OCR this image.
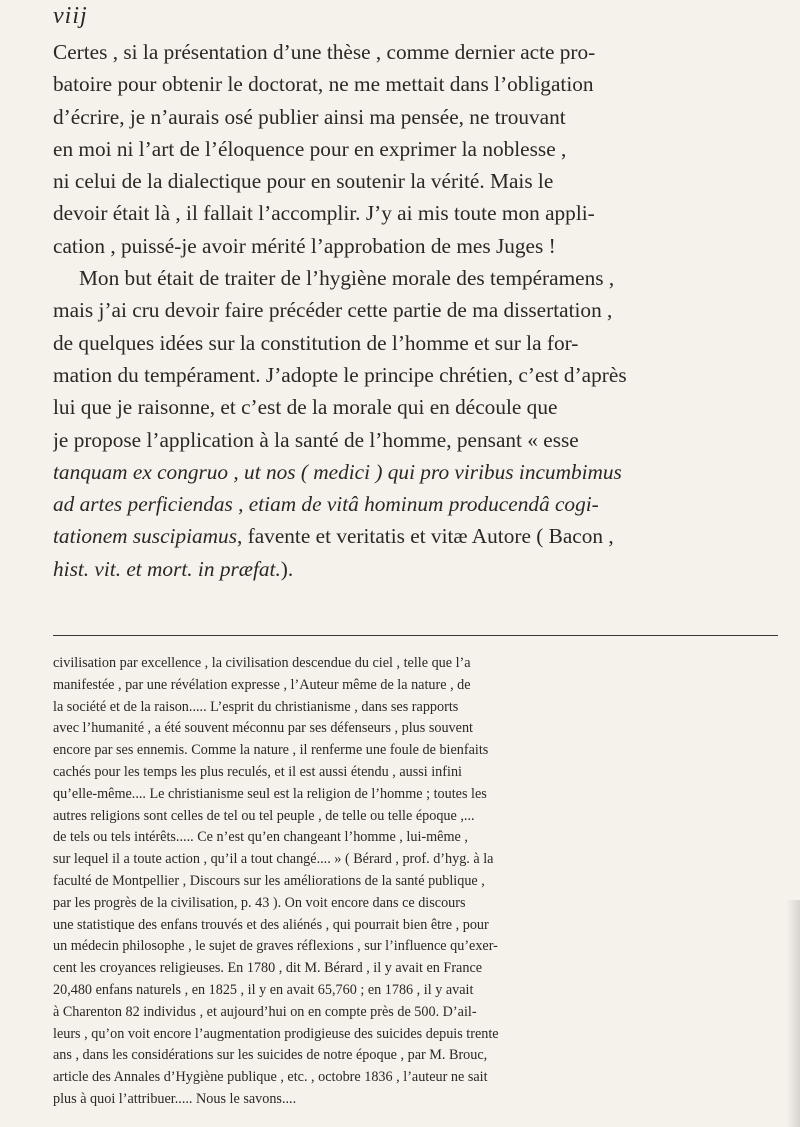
viij
Certes , si la présentation d’une thèse , comme dernier acte pro-
batoire pour obtenir le doctorat, ne me mettait dans l’obligation
d’écrire, je n’aurais osé publier ainsi ma pensée, ne trouvant
en moi ni l’art de l’éloquence pour en exprimer la noblesse ,
ni celui de la dialectique pour en soutenir la vérité. Mais le
devoir était là , il fallait l’accomplir. J’y ai mis toute mon appli-
cation , puissé-je avoir mérité l’approbation de mes Juges !
Mon but était de traiter de l’hygiène morale des tempéramens ,
mais j’ai cru devoir faire précéder cette partie de ma dissertation ,
de quelques idées sur la constitution de l’homme et sur la for-
mation du tempérament. J’adopte le principe chrétien, c’est d’après
lui que je raisonne, et c’est de la morale qui en découle que
je propose l’application à la santé de l’homme, pensant « esse
tanquam ex congruo , ut nos ( medici ) qui pro viribus incumbimus
ad artes perficiendas , etiam de vitâ hominum producendâ cogi-
tationem suscipiamus, favente et veritatis et vitæ Autore ( Bacon ,
hist. vit. et mort. in præfat.).
civilisation par excellence , la civilisation descendue du ciel , telle que l’a
manifestée , par une révélation expresse , l’Auteur même de la nature , de
la société et de la raison..... L’esprit du christianisme , dans ses rapports
avec l’humanité , a été souvent méconnu par ses défenseurs , plus souvent
encore par ses ennemis. Comme la nature , il renferme une foule de bienfaits
cachés pour les temps les plus reculés, et il est aussi étendu , aussi infini
qu’elle-même.... Le christianisme seul est la religion de l’homme ; toutes les
autres religions sont celles de tel ou tel peuple , de telle ou telle époque ,...
de tels ou tels intérêts..... Ce n’est qu’en changeant l’homme , lui-même ,
sur lequel il a toute action , qu’il a tout changé.... » ( Bérard , prof. d’hyg. à la
faculté de Montpellier , Discours sur les améliorations de la santé publique ,
par les progrès de la civilisation, p. 43 ). On voit encore dans ce discours
une statistique des enfans trouvés et des aliénés , qui pourrait bien être , pour
un médecin philosophe , le sujet de graves réflexions , sur l’influence qu’exer-
cent les croyances religieuses. En 1780 , dit M. Bérard , il y avait en France
20,480 enfans naturels , en 1825 , il y en avait 65,760 ; en 1786 , il y avait
à Charenton 82 individus , et aujourd’hui on en compte près de 500. D’ail-
leurs , qu’on voit encore l’augmentation prodigieuse des suicides depuis trente
ans , dans les considérations sur les suicides de notre époque , par M. Brouc,
article des Annales d’Hygiène publique , etc. , octobre 1836 , l’auteur ne sait
plus à quoi l’attribuer..... Nous le savons....
